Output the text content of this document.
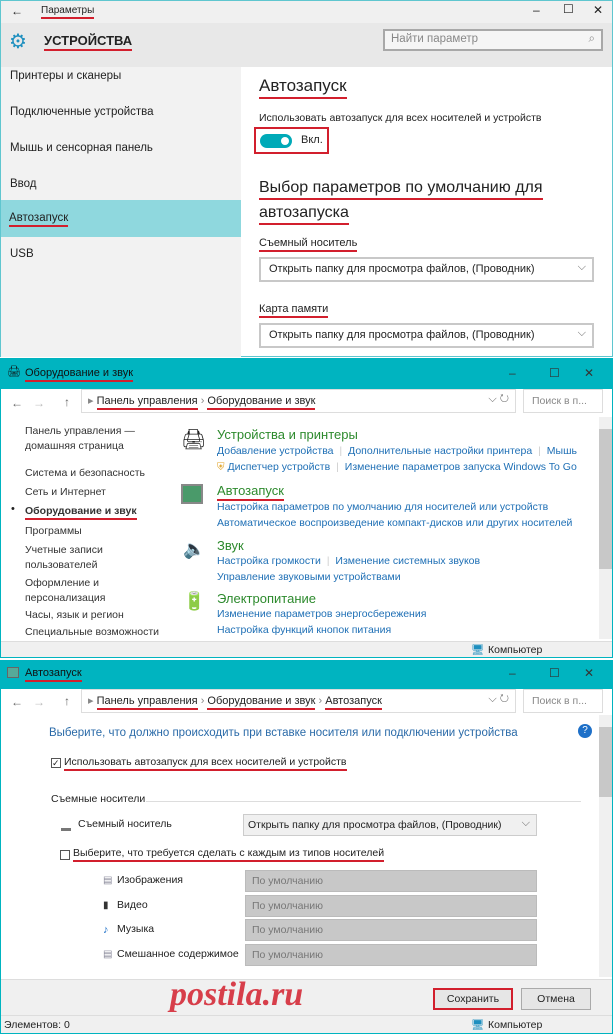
← Параметры	– ☐ ✕
⚙ УСТРОЙСТВА	Найти параметр	⌕
Принтеры и сканеры
Подключенные устройства
Мышь и сенсорная панель
Ввод
Автозапуск
USB
Автозапуск
Использовать автозапуск для всех носителей и устройств
Вкл.
Выбор параметров по умолчанию для
автозапуска
Съемный носитель
Открыть папку для просмотра файлов, (Проводник)	⌵
Карта памяти
Открыть папку для просмотра файлов, (Проводник)	⌵
🖨 Оборудование и звук	–	☐ ✕
← → ↑	▸ Панель управления › Оборудование и звук	⌵ ↻	Поиск в п...
Панель управления —
домашняя страница
Система и безопасность
Сеть и Интернет
• Оборудование и звук
Программы
Учетные записи
пользователей
Оформление и
персонализация
Часы, язык и регион
Специальные возможности
🖨 Устройства и принтеры
Добавление устройства | Дополнительные настройки принтера | Мышь
⛨ Диспетчер устройств | Изменение параметров запуска Windows To Go
Автозапуск
Настройка параметров по умолчанию для носителей или устройств
Автоматическое воспроизведение компакт-дисков или других носителей
🔈 Звук
Настройка громкости | Изменение системных звуков
Управление звуковыми устройствами
🔋 Электропитание
Изменение параметров энергосбережения
Настройка функций кнопок питания
🖥 Компьютер
Автозапуск	–	☐ ✕
← → ↑	▸ Панель управления › Оборудование и звук › Автозапуск	⌵ ↻	Поиск в п...
Выберите, что должно происходить при вставке носителя или подключении устройства	?
✓ Использовать автозапуск для всех носителей и устройств
Съемные носители
▬ Съемный носитель	Открыть папку для просмотра файлов, (Проводник) ⌵
Выберите, что требуется сделать с каждым из типов носителей
▤ Изображения	По умолчанию
▮ Видео	По умолчанию
♪ Музыка	По умолчанию
▤ Смешанное содержимое	По умолчанию
Сохранить	Отмена
Элементов: 0	🖥 Компьютер
postila.ru
